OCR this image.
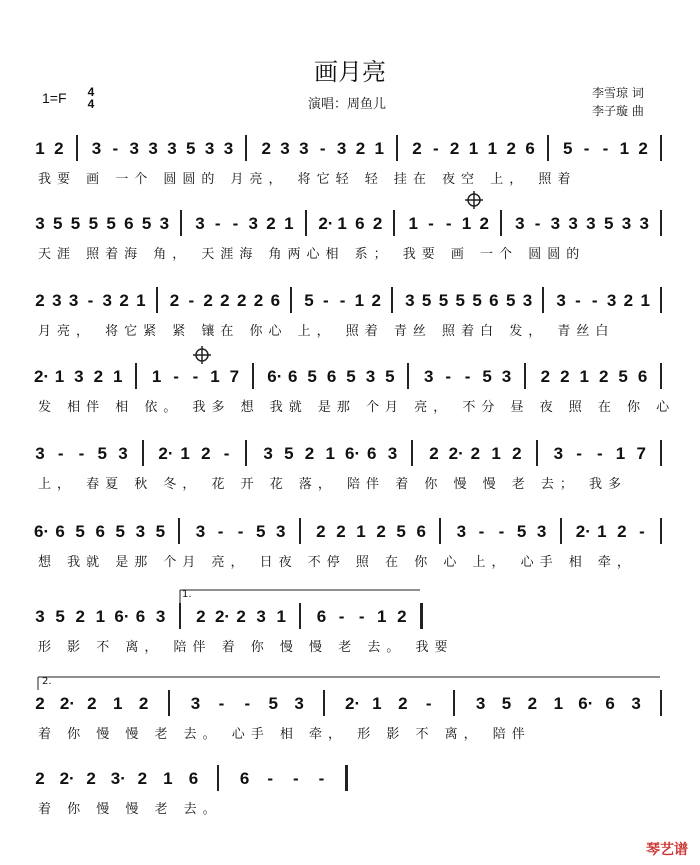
画月亮
1=F	4
4	演唱：周鱼儿
李雪琼 词
李子璇 曲
1 2 3 - 3 3 3 5 3 3 2 3 3 - 3 2 1 2 - 2 1 1 2 6 5 - - 1 2
我要 画 一个 圆圆的 月亮， 将它轻 轻 挂在 夜空 上， 照着
3 5 5 5 5 6 5 3 3 - - 3 2 1 2· 1 6 2 1 - - 1 2 3 - 3 3 3 5 3 3
天涯 照着海 角， 天涯海 角两心相 系； 我要 画 一个 圆圆的
2 3 3 - 3 2 1 2 - 2 2 2 2 6 5 - - 1 2 3 5 5 5 5 6 5 3 3 - - 3 2 1
月亮， 将它紧 紧 镶在 你心 上， 照着 青丝 照着白 发， 青丝白
2· 1 3 2 1 1 - - 1 7 6· 6 5 6 5 3 5 3 - - 5 3 2 2 1 2 5 6
发 相伴 相 依。 我多 想 我就 是那 个月 亮， 不分 昼 夜 照 在 你 心
3 - - 5 3 2· 1 2 - 3 5 2 1 6· 6 3 2 2· 2 1 2 3 - - 1 7
上， 春夏 秋 冬， 花 开 花 落， 陪伴 着 你 慢 慢 老 去； 我多
6· 6 5 6 5 3 5 3 - - 5 3 2 2 1 2 5 6 3 - - 5 3 2· 1 2 -
想 我就 是那 个月 亮， 日夜 不停 照 在 你 心 上， 心手 相 牵，
3 5 2 1 6· 6 3 2 2· 2 3 1 6 - - 1 2
形 影 不 离， 陪伴 着 你 慢 慢 老 去。 我要
1.
2 2· 2 1 2 3 - - 5 3 2· 1 2 -	3 5 2 1 6· 6 3
着 你 慢 慢 老 去。 心手 相 牵， 形 影 不 离， 陪伴
2.
2 2· 2 3· 2 1 6 6 - - -
着 你 慢 慢 老 去。
琴艺谱
